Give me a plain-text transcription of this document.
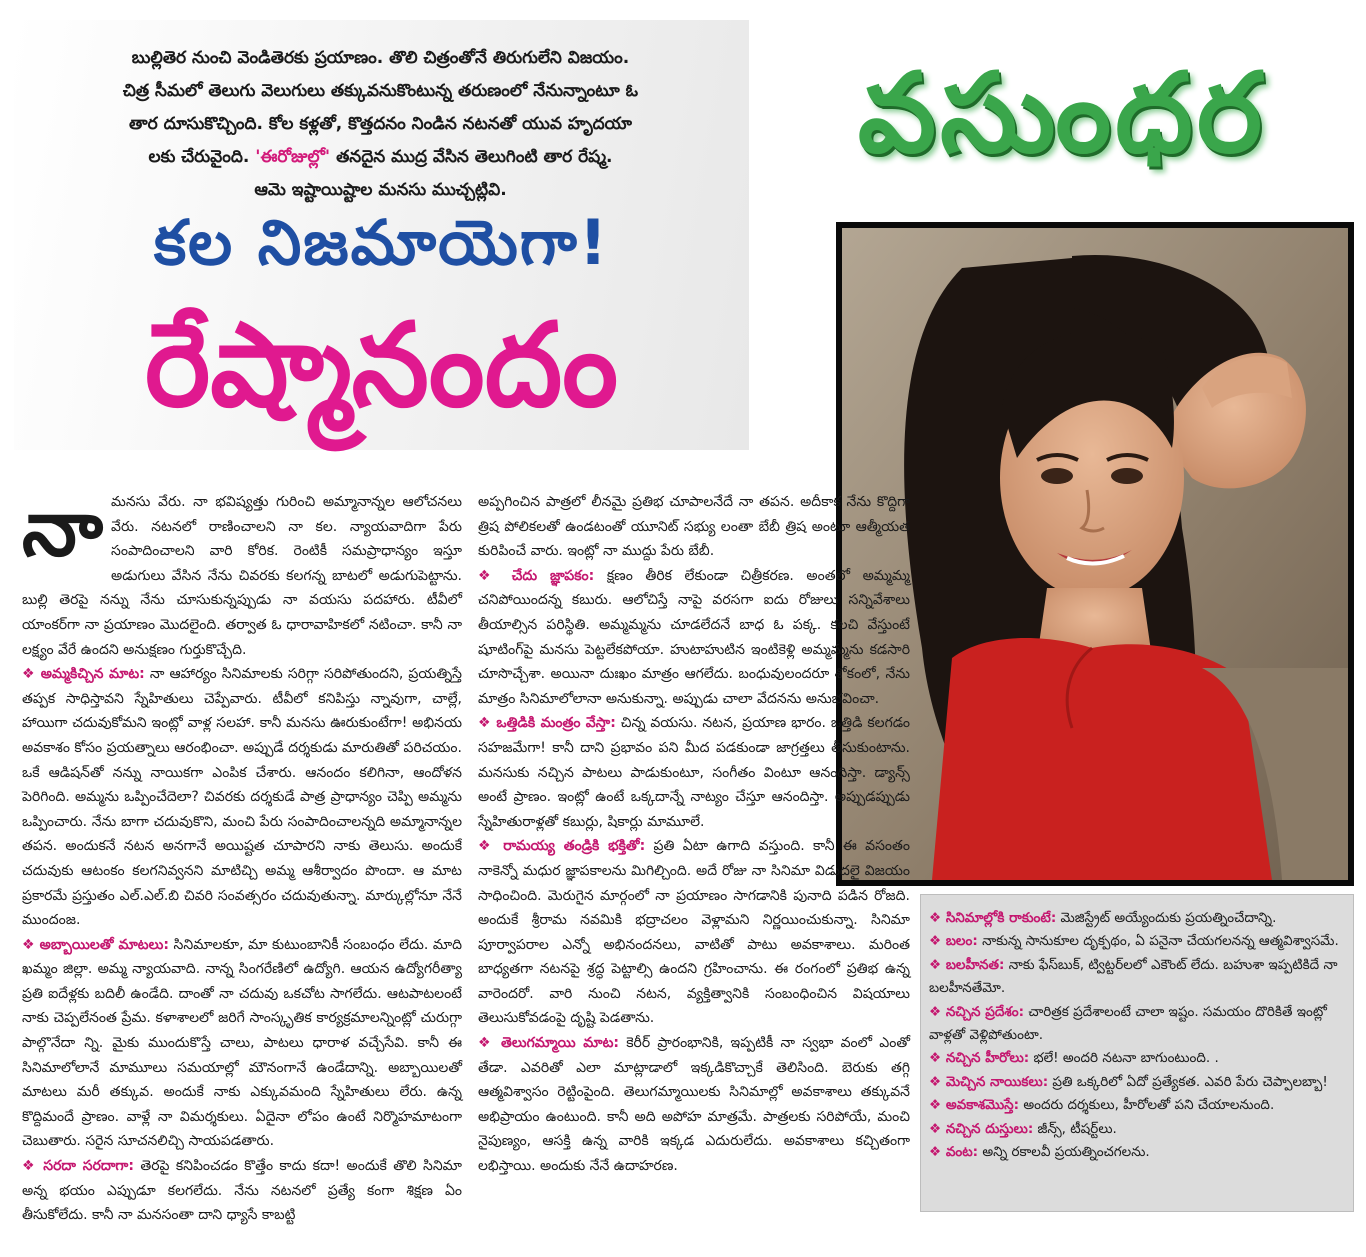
బుల్లితెర నుంచి వెండితెరకు ప్రయాణం. తొలి చిత్రంతోనే తిరుగులేని విజయం.
చిత్ర సీమలో తెలుగు వెలుగులు తక్కువనుకొంటున్న తరుణంలో నేనున్నాంటూ ఓ
తార దూసుకొచ్చింది. కోల కళ్లతో, కొత్తదనం నిండిన నటనతో యువ హృదయా
లకు చేరువైంది. 'ఈరోజుల్లో' తనదైన ముద్ర వేసిన తెలుగింటి తార రేష్మ.
ఆమె ఇష్టాయిష్టాల మనసు ముచ్చట్లివి.
కల నిజమాయెగా!
రేష్మానందం
వసుంధర

నామనసు వేరు. నా భవిష్యత్తు గురించి అమ్మానాన్నల ఆలోచనలు వేరు. నటనలో రాణించాలని నా కల. న్యాయవాదిగా పేరు సంపాదించాలని వారి కోరిక. రెంటికీ సమప్రాధాన్యం ఇస్తూ అడుగులు వేసిన నేను చివరకు కలగన్న బాటలో అడుగుపెట్టాను. బుల్లి తెరపై నన్ను నేను చూసుకున్నప్పుడు నా వయసు పదహారు. టీవీలో యాంకర్‌గా నా ప్రయాణం మొదలైంది. తర్వాత ఓ ధారావాహికలో నటించా. కానీ నా లక్ష్యం వేరే ఉందని అనుక్షణం గుర్తుకొచ్చేది.

❖ అమ్మకిచ్చిన మాట: నా ఆహార్యం సినిమాలకు సరిగ్గా సరిపోతుందని, ప్రయత్నిస్తే తప్పక సాధిస్తావని స్నేహితులు చెప్పేవారు. టీవీలో కనిపిస్తు న్నావుగా, చాల్లే, హాయిగా చదువుకోమని ఇంట్లో వాళ్ల సలహా. కానీ మనసు ఊరుకుంటేగా! అభినయ అవకాశం కోసం ప్రయత్నాలు ఆరంభించా. అప్పుడే దర్శకుడు మారుతితో పరిచయం. ఒకే ఆడిషన్‌తో నన్ను నాయికగా ఎంపిక చేశారు. ఆనందం కలిగినా, ఆందోళన పెరిగింది. అమ్మను ఒప్పించేదెలా? చివరకు దర్శకుడే పాత్ర ప్రాధాన్యం చెప్పి అమ్మను ఒప్పించారు. నేను బాగా చదువుకొని, మంచి పేరు సంపాదించాలన్నది అమ్మానాన్నల తపన. అందుకనే నటన అనగానే అయిష్టత చూపారని నాకు తెలుసు. అందుకే చదువుకు ఆటంకం కలగనివ్వనని మాటిచ్చి అమ్మ ఆశీర్వాదం పొందా. ఆ మాట ప్రకారమే ప్రస్తుతం ఎల్.ఎల్.బి చివరి సంవత్సరం చదువుతున్నా. మార్కుల్లోనూ నేనే ముందంజ.

❖ అబ్బాయిలతో మాటలు: సినిమాలకూ, మా కుటుంబానికీ సంబంధం లేదు. మాది ఖమ్మం జిల్లా. అమ్మ న్యాయవాది. నాన్న సింగరేణిలో ఉద్యోగి. ఆయన ఉద్యోగరీత్యా ప్రతి ఐదేళ్లకు బదిలీ ఉండేది. దాంతో నా చదువు ఒకచోట సాగలేదు. ఆటపాటలంటే నాకు చెప్పలేనంత ప్రేమ. కళాశాలలో జరిగే సాంస్కృతిక కార్యక్రమాలన్నింట్లో చురుగ్గా పాల్గొనేదా న్ని. మైకు ముందుకొస్తే చాలు, పాటలు ధారాళ వచ్చేసేవి. కానీ ఈ సినిమాలోలానే మామూలు సమయాల్లో మౌనంగానే ఉండేదాన్ని. అబ్బాయిలతో మాటలు మరీ తక్కువ. అందుకే నాకు ఎక్కువమంది స్నేహితులు లేరు. ఉన్న కొద్దిమందే ప్రాణం. వాళ్లే నా విమర్శకులు. ఏదైనా లోపం ఉంటే నిర్మొహమాటంగా చెబుతారు. సరైన సూచనలిచ్చి సాయపడతారు.

❖ సరదా సరదాగా: తెరపై కనిపించడం కొత్తేం కాదు కదా! అందుకే తొలి సినిమా అన్న భయం ఎప్పుడూ కలగలేదు. నేను నటనలో ప్రత్యే కంగా శిక్షణ ఏం తీసుకోలేదు. కానీ నా మనసంతా దాని ధ్యాసే కాబట్టి

అప్పగించిన పాత్రలో లీనమై ప్రతిభ చూపాలనేదే నా తపన. అదీకాక నేను కొద్దిగా త్రిష పోలికలతో ఉండటంతో యూనిట్ సభ్యు లంతా బేబీ త్రిష అంటూ ఆత్మీయత కురిపించే వారు. ఇంట్లో నా ముద్దు పేరు బేబీ.

❖ చేదు జ్ఞాపకం: క్షణం తీరిక లేకుండా చిత్రీకరణ. అంతలో అమ్మమ్మ చనిపోయిందన్న కబురు. ఆలోచిస్తే నాపై వరసగా ఐదు రోజులు సన్నివేశాలు తీయాల్సిన పరిస్థితి. అమ్మమ్మను చూడలేదనే బాధ ఓ పక్క. కలచి వేస్తుంటే షూటింగ్‌పై మనసు పెట్టలేకపోయా. హుటాహుటిన ఇంటికెళ్లి అమ్మమ్మను కడసారి చూసొచ్చేశా. అయినా దుఃఖం మాత్రం ఆగలేదు. బంధువులందరూ శోకంలో, నేను మాత్రం సినిమాలోలానా అనుకున్నా. అప్పుడు చాలా వేదనను అనుభవించా.

❖ ఒత్తిడికి మంత్రం వేస్తా: చిన్న వయసు. నటన, ప్రయాణ భారం. ఒత్తిడి కలగడం సహజమేగా! కానీ దాని ప్రభావం పని మీద పడకుండా జాగ్రత్తలు తీసుకుంటాను. మనసుకు నచ్చిన పాటలు పాడుకుంటూ, సంగీతం వింటూ ఆనందిస్తా. డ్యాన్స్ అంటే ప్రాణం. ఇంట్లో ఉంటే ఒక్కదాన్నే నాట్యం చేస్తూ ఆనందిస్తా. అప్పుడప్పుడు స్నేహితురాళ్లతో కబుర్లు, షికార్లు మామూలే.

❖ రామయ్య తండ్రికి భక్తితో: ప్రతి ఏటా ఉగాది వస్తుంది. కానీ ఈ వసంతం నాకెన్నో మధుర జ్ఞాపకాలను మిగిల్చింది. అదే రోజు నా సినిమా విడుదలై విజయం సాధించింది. మెరుగైన మార్గంలో నా ప్రయాణం సాగడానికి పునాది పడిన రోజది. అందుకే శ్రీరామ నవమికి భద్రాచలం వెళ్లామని నిర్ణయించుకున్నా. సినిమా పూర్వాపరాల ఎన్నో అభినందనలు, వాటితో పాటు అవకాశాలు. మరింత బాధ్యతగా నటనపై శ్రద్ధ పెట్టాల్సి ఉందని గ్రహించాను. ఈ రంగంలో ప్రతిభ ఉన్న వారెందరో. వారి నుంచి నటన, వ్యక్తిత్వానికి సంబంధించిన విషయాలు తెలుసుకోవడంపై దృష్టి పెడతాను.

❖ తెలుగమ్మాయి మాట: కెరీర్ ప్రారంభానికి, ఇప్పటికీ నా స్వభా వంలో ఎంతో తేడా. ఎవరితో ఎలా మాట్లాడాలో ఇక్కడికొచ్చాకే తెలిసింది. బెరుకు తగ్గి ఆత్మవిశ్వాసం రెట్టింపైంది. తెలుగమ్మాయిలకు సినిమాల్లో అవకాశాలు తక్కువనే అభిప్రాయం ఉంటుంది. కానీ అది అపోహ మాత్రమే. పాత్రలకు సరిపోయే, మంచి నైపుణ్యం, ఆసక్తి ఉన్న వారికి ఇక్కడ ఎదురులేదు. అవకాశాలు కచ్చితంగా లభిస్తాయి. అందుకు నేనే ఉదాహరణ.

❖ సినిమాల్లోకి రాకుంటే: మెజిస్ట్రేట్ అయ్యేందుకు ప్రయత్నించేదాన్ని.
❖ బలం: నాకున్న సానుకూల దృక్పథం, ఏ పనైనా చేయగలనన్న ఆత్మవిశ్వాసమే.
❖ బలహీనత: నాకు ఫేస్‌బుక్, ట్విట్టర్‌లలో ఎకౌంట్ లేదు. బహుశా ఇప్పటికిదే నా బలహీనతేమో.
❖ నచ్చిన ప్రదేశం: చారిత్రక ప్రదేశాలంటే చాలా ఇష్టం. సమయం దొరికితే ఇంట్లో వాళ్లతో వెళ్లిపోతుంటా.
❖ నచ్చిన హీరోలు: భలే! అందరి నటనా బాగుంటుంది. .
❖ మెచ్చిన నాయికలు: ప్రతి ఒక్కరిలో ఏదో ప్రత్యేకత. ఎవరి పేరు చెప్పాలబ్బా!
❖ అవకాశమొస్తే: అందరు దర్శకులు, హీరోలతో పని చేయాలనుంది.
❖ నచ్చిన దుస్తులు: జీన్స్, టీషర్ట్‌లు.
❖ వంట: అన్ని రకాలవీ ప్రయత్నించగలను.
